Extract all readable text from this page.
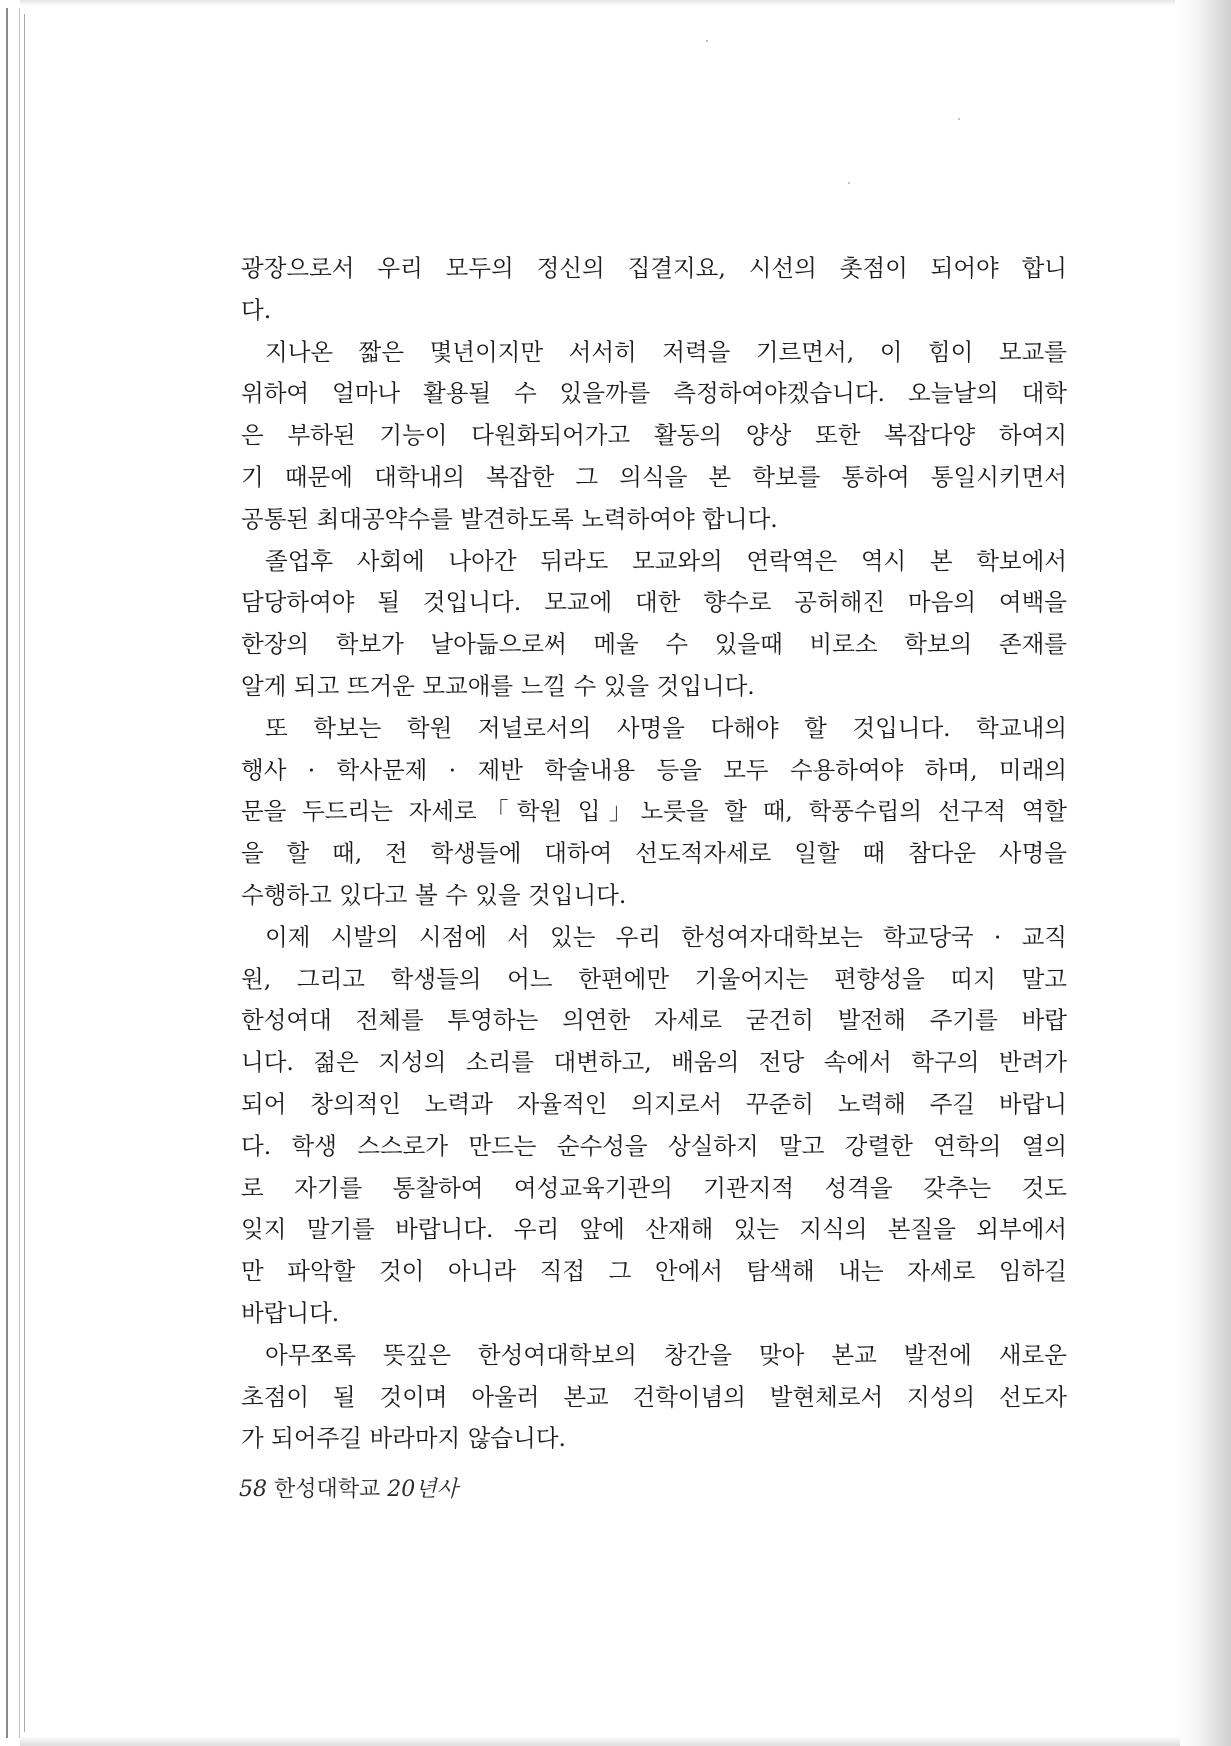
광장으로서 우리 모두의 정신의 집결지요, 시선의 촛점이 되어야 합니
다.
지나온 짧은 몇년이지만 서서히 저력을 기르면서, 이 힘이 모교를
위하여 얼마나 활용될 수 있을까를 측정하여야겠습니다. 오늘날의 대학
은 부하된 기능이 다원화되어가고 활동의 양상 또한 복잡다양 하여지
기 때문에 대학내의 복잡한 그 의식을 본 학보를 통하여 통일시키면서
공통된 최대공약수를 발견하도록 노력하여야 합니다.
졸업후 사회에 나아간 뒤라도 모교와의 연락역은 역시 본 학보에서
담당하여야 될 것입니다. 모교에 대한 향수로 공허해진 마음의 여백을
한장의 학보가 날아듦으로써 메울 수 있을때 비로소 학보의 존재를
알게 되고 뜨거운 모교애를 느낄 수 있을 것입니다.
또 학보는 학원 저널로서의 사명을 다해야 할 것입니다. 학교내의
행사 · 학사문제 · 제반 학술내용 등을 모두 수용하여야 하며, 미래의
문을 두드리는 자세로「학원 입」노릇을 할 때, 학풍수립의 선구적 역할
을 할 때, 전 학생들에 대하여 선도적자세로 일할 때 참다운 사명을
수행하고 있다고 볼 수 있을 것입니다.
이제 시발의 시점에 서 있는 우리 한성여자대학보는 학교당국 · 교직
원, 그리고 학생들의 어느 한편에만 기울어지는 편향성을 띠지 말고
한성여대 전체를 투영하는 의연한 자세로 굳건히 발전해 주기를 바랍
니다. 젊은 지성의 소리를 대변하고, 배움의 전당 속에서 학구의 반려가
되어 창의적인 노력과 자율적인 의지로서 꾸준히 노력해 주길 바랍니
다. 학생 스스로가 만드는 순수성을 상실하지 말고 강렬한 연학의 열의
로 자기를 통찰하여 여성교육기관의 기관지적 성격을 갖추는 것도
잊지 말기를 바랍니다. 우리 앞에 산재해 있는 지식의 본질을 외부에서
만 파악할 것이 아니라 직접 그 안에서 탐색해 내는 자세로 임하길
바랍니다.
아무쪼록 뜻깊은 한성여대학보의 창간을 맞아 본교 발전에 새로운
초점이 될 것이며 아울러 본교 건학이념의 발현체로서 지성의 선도자
가 되어주길 바라마지 않습니다.
58 한성대학교 20년사
